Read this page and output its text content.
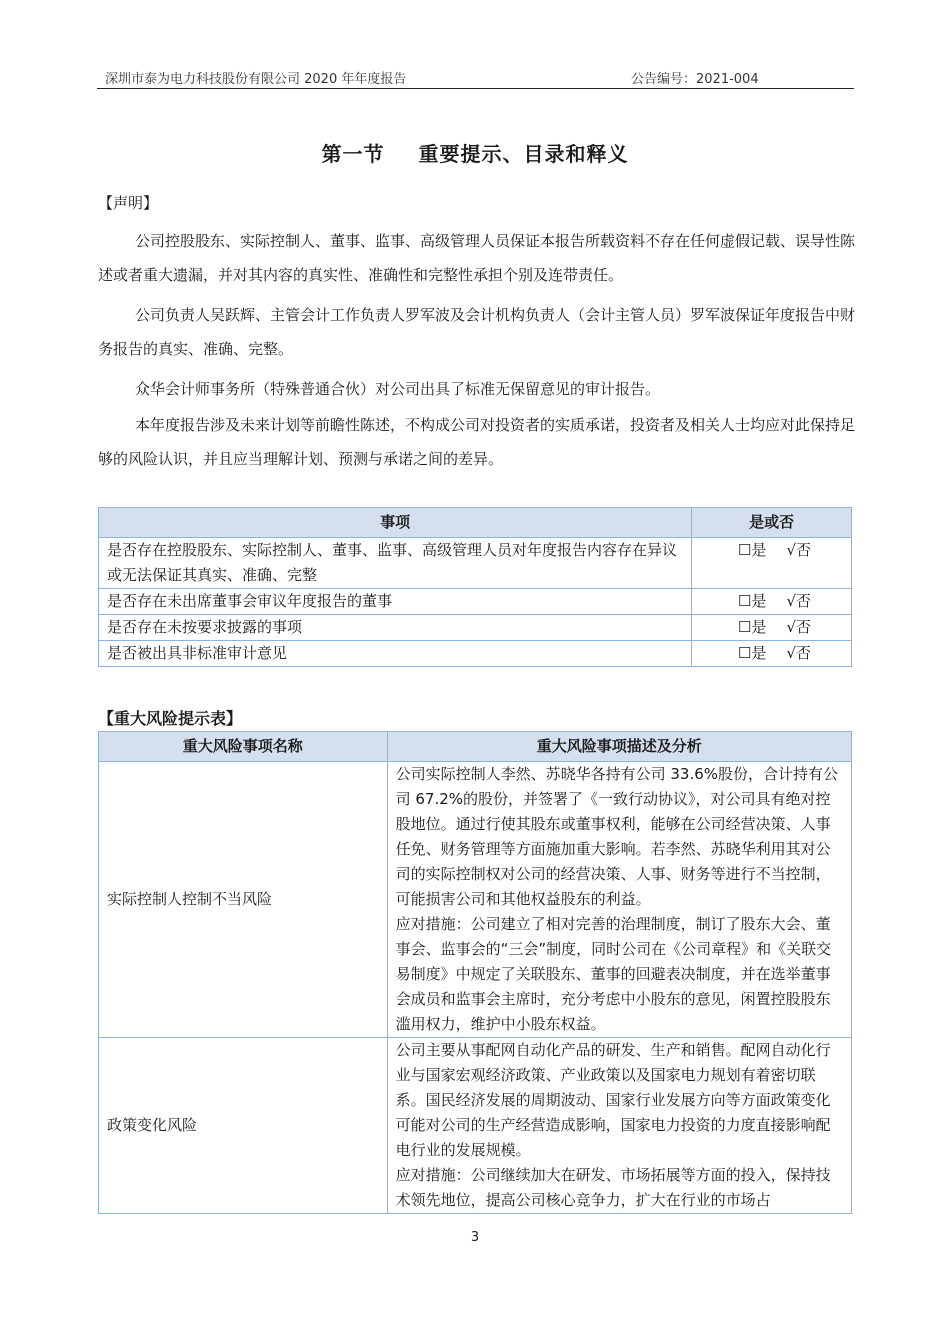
深圳市泰为电力科技股份有限公司 2020 年年度报告	公告编号：2021-004
第一节 重要提示、目录和释义
【声明】
公司控股股东、实际控制人、董事、监事、高级管理人员保证本报告所载资料不存在任何虚假记载、误导性陈述或者重大遗漏，并对其内容的真实性、准确性和完整性承担个别及连带责任。
公司负责人吴跃辉、主管会计工作负责人罗军波及会计机构负责人（会计主管人员）罗军波保证年度报告中财务报告的真实、准确、完整。
众华会计师事务所（特殊普通合伙）对公司出具了标准无保留意见的审计报告。
本年度报告涉及未来计划等前瞻性陈述，不构成公司对投资者的实质承诺，投资者及相关人士均应对此保持足够的风险认识，并且应当理解计划、预测与承诺之间的差异。
事项	是或否
是否存在控股股东、实际控制人、董事、监事、高级管理人员对年度报告内容存在异议或无法保证其真实、准确、完整	☐是 √否
是否存在未出席董事会审议年度报告的董事	☐是 √否
是否存在未按要求披露的事项	☐是 √否
是否被出具非标准审计意见	☐是 √否
【重大风险提示表】
重大风险事项名称	重大风险事项描述及分析
实际控制人控制不当风险	公司实际控制人李然、苏晓华各持有公司 33.6%股份，合计持有公司 67.2%的股份，并签署了《一致行动协议》，对公司具有绝对控股地位。通过行使其股东或董事权利，能够在公司经营决策、人事任免、财务管理等方面施加重大影响。若李然、苏晓华利用其对公司的实际控制权对公司的经营决策、人事、财务等进行不当控制，可能损害公司和其他权益股东的利益。
应对措施：公司建立了相对完善的治理制度，制订了股东大会、董事会、监事会的“三会”制度，同时公司在《公司章程》和《关联交易制度》中规定了关联股东、董事的回避表决制度，并在选举董事会成员和监事会主席时，充分考虑中小股东的意见，闲置控股股东滥用权力，维护中小股东权益。

政策变化风险	公司主要从事配网自动化产品的研发、生产和销售。配网自动化行业与国家宏观经济政策、产业政策以及国家电力规划有着密切联系。国民经济发展的周期波动、国家行业发展方向等方面政策变化可能对公司的生产经营造成影响，国家电力投资的力度直接影响配电行业的发展规模。
应对措施：公司继续加大在研发、市场拓展等方面的投入，保持技术领先地位，提高公司核心竞争力，扩大在行业的市场占
3
